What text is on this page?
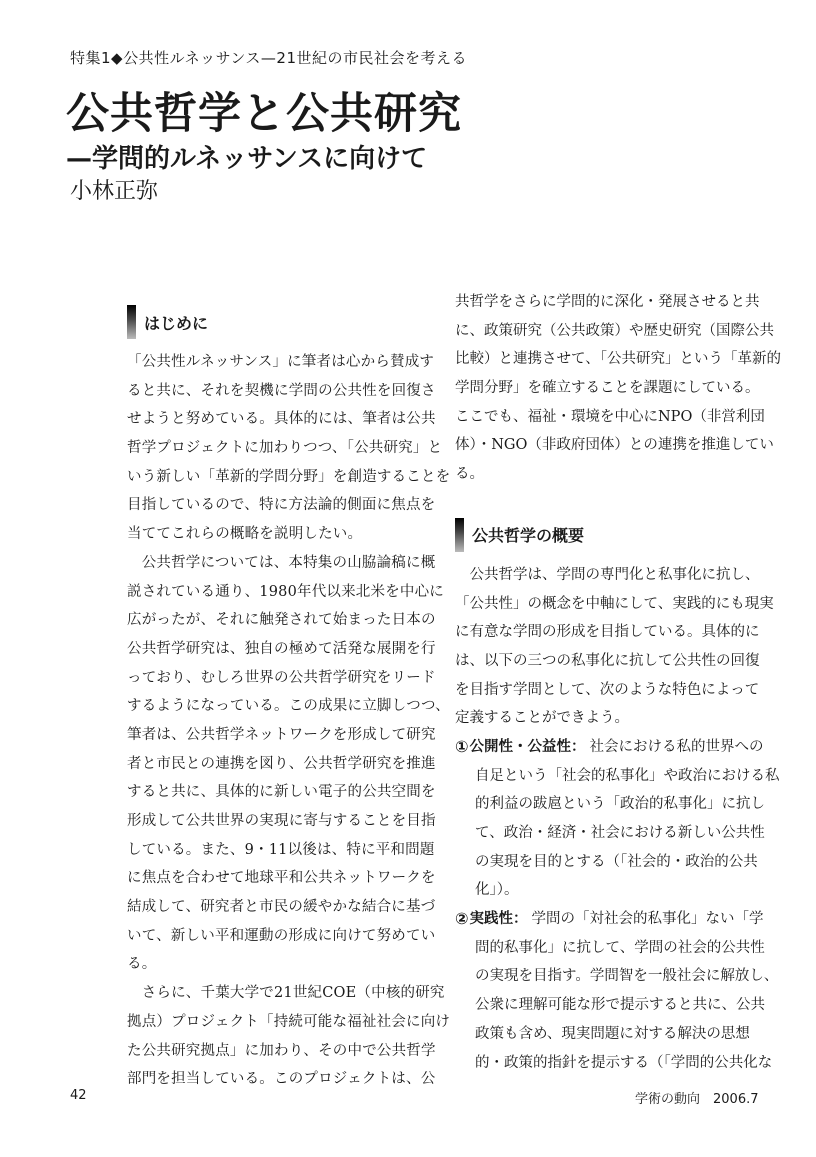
特集1◆公共性ルネッサンス—21世紀の市民社会を考える
公共哲学と公共研究
—学問的ルネッサンスに向けて
小林正弥
はじめに
「公共性ルネッサンス」に筆者は心から賛成す
ると共に、それを契機に学問の公共性を回復さ
せようと努めている。具体的には、筆者は公共
哲学プロジェクトに加わりつつ、「公共研究」と
いう新しい「革新的学問分野」を創造することを
目指しているので、特に方法論的側面に焦点を
当ててこれらの概略を説明したい。
　公共哲学については、本特集の山脇論稿に概
説されている通り、1980年代以来北米を中心に
広がったが、それに触発されて始まった日本の
公共哲学研究は、独自の極めて活発な展開を行
っており、むしろ世界の公共哲学研究をリード
するようになっている。この成果に立脚しつつ、
筆者は、公共哲学ネットワークを形成して研究
者と市民との連携を図り、公共哲学研究を推進
すると共に、具体的に新しい電子的公共空間を
形成して公共世界の実現に寄与することを目指
している。また、9・11以後は、特に平和問題
に焦点を合わせて地球平和公共ネットワークを
結成して、研究者と市民の緩やかな結合に基づ
いて、新しい平和運動の形成に向けて努めてい
る。
　さらに、千葉大学で21世紀COE（中核的研究
拠点）プロジェクト「持続可能な福祉社会に向け
た公共研究拠点」に加わり、その中で公共哲学
部門を担当している。このプロジェクトは、公
共哲学をさらに学問的に深化・発展させると共
に、政策研究（公共政策）や歴史研究（国際公共
比較）と連携させて、「公共研究」という「革新的
学問分野」を確立することを課題にしている。
ここでも、福祉・環境を中心にNPO（非営利団
体）・NGO（非政府団体）との連携を推進してい
る。
公共哲学の概要
　公共哲学は、学問の専門化と私事化に抗し、
「公共性」の概念を中軸にして、実践的にも現実
に有意な学問の形成を目指している。具体的に
は、以下の三つの私事化に抗して公共性の回復
を目指す学問として、次のような特色によって
定義することができよう。
① 公開性・公益性： 社会における私的世界への
自足という「社会的私事化」や政治における私
的利益の跋扈という「政治的私事化」に抗し
て、政治・経済・社会における新しい公共性
の実現を目的とする（「社会的・政治的公共
化」）。
② 実践性： 学問の「対社会的私事化」ない「学
問的私事化」に抗して、学問の社会的公共性
の実現を目指す。学問智を一般社会に解放し、
公衆に理解可能な形で提示すると共に、公共
政策も含め、現実問題に対する解決の思想
的・政策的指針を提示する（「学問的公共化な
42	学術の動向　2006.7
